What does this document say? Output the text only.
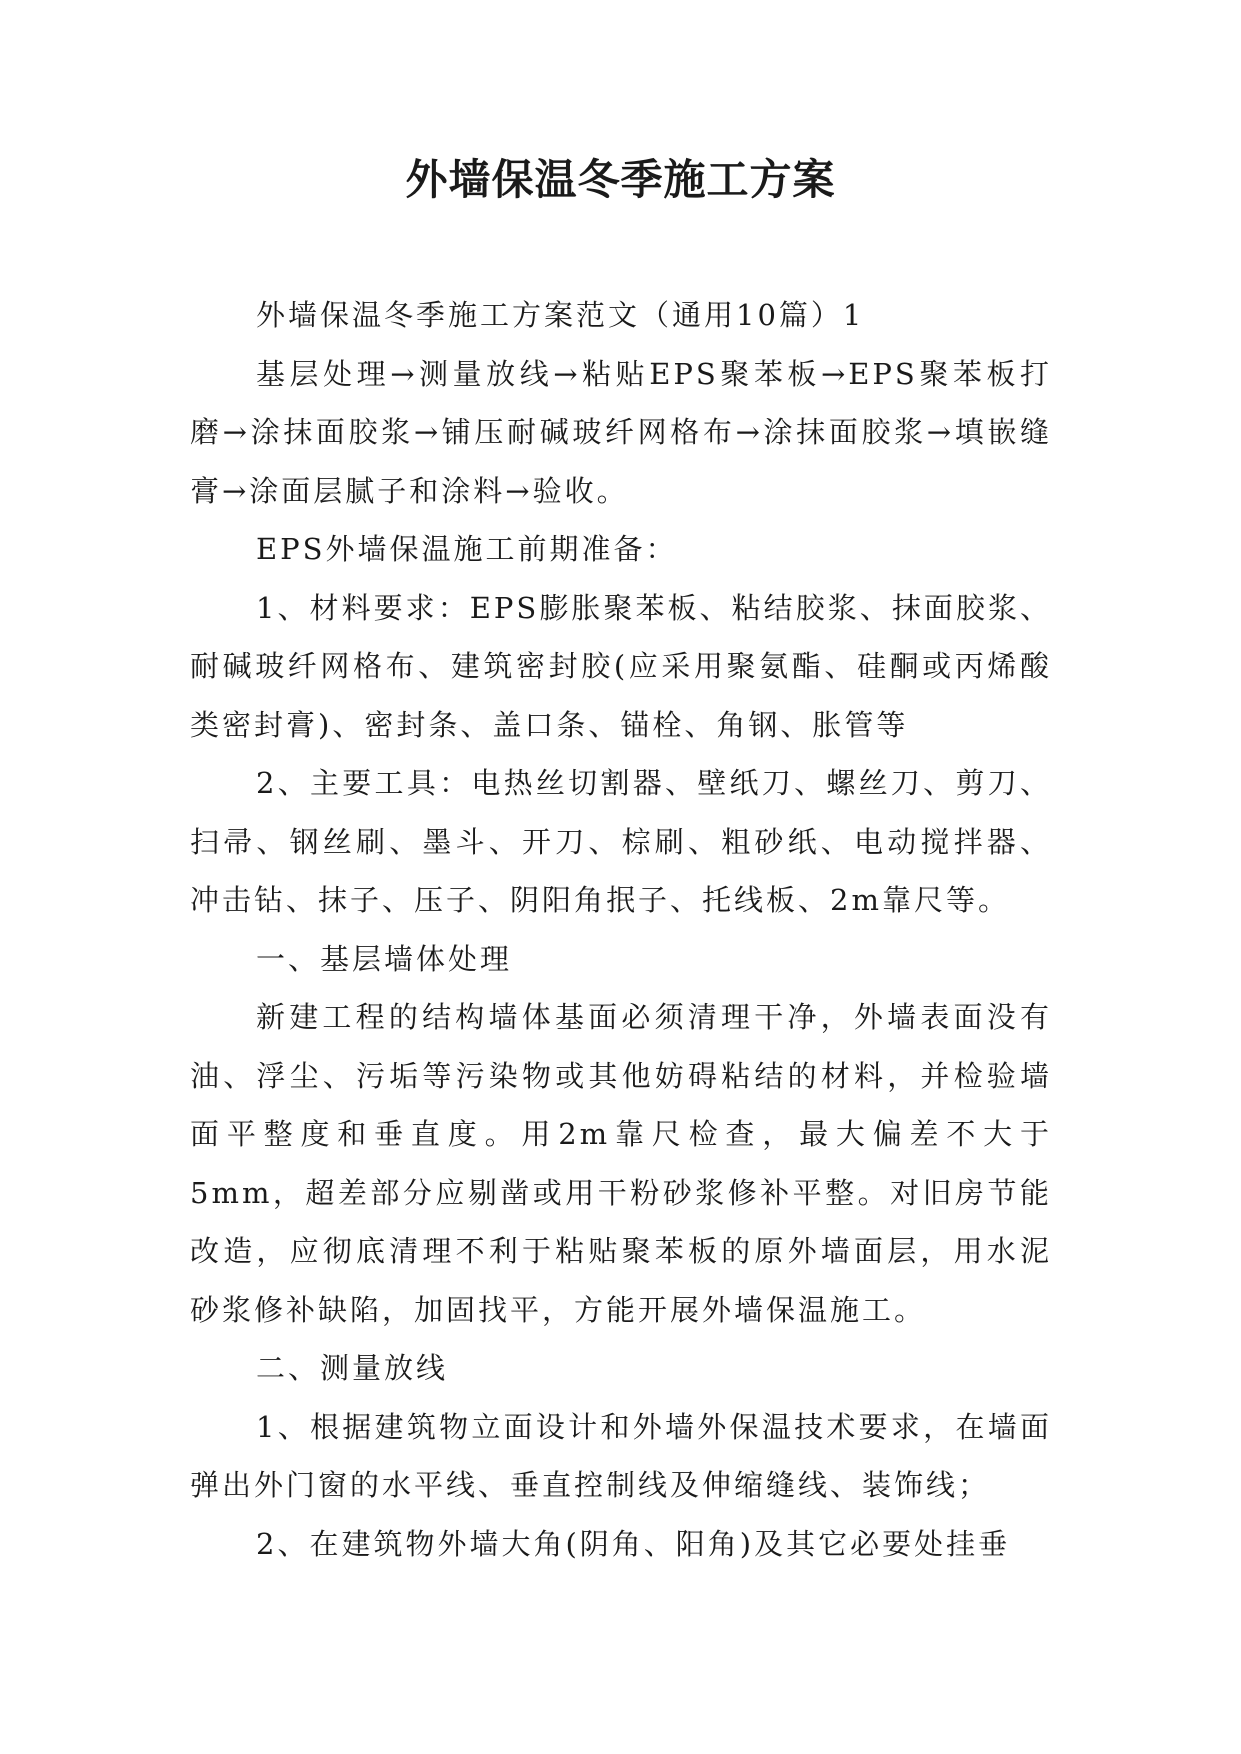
外墙保温冬季施工方案

外墙保温冬季施工方案范文（通用10篇）1

基层处理→测量放线→粘贴EPS聚苯板→EPS聚苯板打磨→涂抹面胶浆→铺压耐碱玻纤网格布→涂抹面胶浆→填嵌缝膏→涂面层腻子和涂料→验收。

EPS外墙保温施工前期准备：

1、材料要求：EPS膨胀聚苯板、粘结胶浆、抹面胶浆、耐碱玻纤网格布、建筑密封胶(应采用聚氨酯、硅酮或丙烯酸类密封膏)、密封条、盖口条、锚栓、角钢、胀管等

2、主要工具：电热丝切割器、壁纸刀、螺丝刀、剪刀、扫帚、钢丝刷、墨斗、开刀、棕刷、粗砂纸、电动搅拌器、冲击钻、抹子、压子、阴阳角抿子、托线板、2m靠尺等。

一、基层墙体处理

新建工程的结构墙体基面必须清理干净，外墙表面没有油、浮尘、污垢等污染物或其他妨碍粘结的材料，并检验墙面平整度和垂直度。用2m靠尺检查，最大偏差不大于5mm，超差部分应剔凿或用干粉砂浆修补平整。对旧房节能改造，应彻底清理不利于粘贴聚苯板的原外墙面层，用水泥砂浆修补缺陷，加固找平，方能开展外墙保温施工。

二、测量放线

1、根据建筑物立面设计和外墙外保温技术要求，在墙面弹出外门窗的水平线、垂直控制线及伸缩缝线、装饰线；

2、在建筑物外墙大角(阴角、阳角)及其它必要处挂垂
